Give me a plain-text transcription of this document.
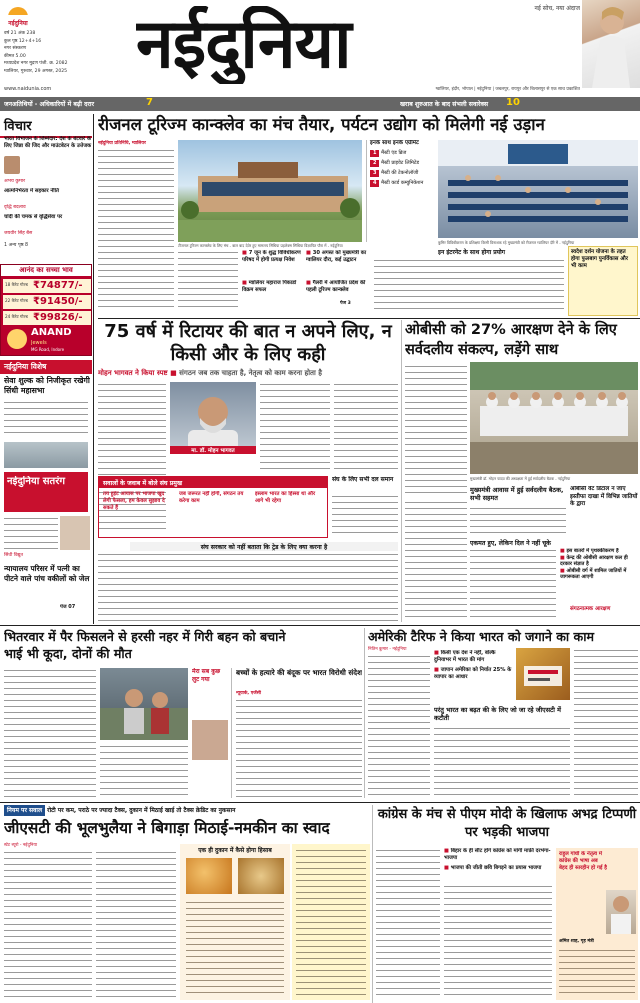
नईदुनिया
वर्ष 21 अंक 238
कुल पृष्ठ 12+4+16
नगर संस्करण
कीमत 5.00
मध्यप्रदेश नगर मुद्रण पंजी. क्र. 2082
ग्वालियर, गुरुवार, 29 अगस्त, 2025	नईदुनिया	नई सोच, नया अंदाज
www.naidunia.com	ग्वालियर, इंदौर, भोपाल | नईदुनिया | जबलपुर, रायपुर और बिलासपुर से एक साथ प्रकाशित
जनअतिथियों - अधिकारियों में बढ़ी दरार	7	खराब शुरुआत के बाद संभली सवारेक्स	10
विचार
भारत विभाजन के जिम्मेदार: देश के बंटवारे के लिए जिन्ना की जिद और माउंटबेटन के उत्तेजक
अभय कुमार
आत्मनिर्भरता में सहकार नीति
वृद्धि बदलाव
चांदी की चमक से वृद्धिसेवा पर
जयवीर सिंह बैस
1 अन्य पृष्ठ 8
आनंद का सच्चा भाव
18 कैरेट गोल्ड ₹74877/-
22 कैरेट गोल्ड ₹91450/-
24 कैरेट गोल्ड ₹99826/-
ANAND
Jewels
MG Road, Indore
नईदुनिया विशेष
सेवा शुल्क को निजीकृत रखेगी सिंधी महासभा
नईदुनिया सतरंग
सिंधी विद्युत
न्यायालय परिसर में पत्नी का पीटने वाले पांच वकीलों को जेल
पेज 07
रीजनल टूरिज्म कान्क्लेव का मंच तैयार, पर्यटन उद्योग को मिलेगी नई उड़ान
नईदुनिया प्रतिनिधि, ग्वालियर
टीजनल टूरिज्म कान्क्लेव के लिए मंच - बाल बाद देवेर हुए मामलय सिंधिया प्रहलेक्स सिंधिया विज्ञापित पौरा में - नईदुनिया
■ 7 जून के शुद्ध विविधीकरण परिषद में होगी प्रत्यक्ष निवेश
■ ग्वालियर महाराज पिकाडो विक्रम सफल
■ 30 अगस्त को मुख्यमंत्री का ग्वालियर दौरा, कई उद्घाटन
■ गैलरी में आयोजित प्रदेश की पहली टूरिज्म कान्क्लेव
पेज 3
इनके साथ इनके एग्रीमेंट
1 मैंस्टी एंड ब्रिज
2 मैस्टी प्राइवेट लिमिटेड
3 मैस्टी की टेकनोलॉजी
4 मैस्टी कार्ड कम्युनिकेशन
कुमिर विविधीकरण के प्रशिक्षण किसी विनाशक रहे मुख्यमंत्री को रीजनल ग्वालियर दौरे में - नईदुनिया
इन इंटरनेट के साथ होगा प्रयोग	स्वदेश दर्शन योजना के तहत होगा फुलबाग पुनर्विकास और भी काम
75 वर्ष में रिटायर की बात न अपने लिए, न किसी और के लिए कही
मोहन भागवत ने किया स्पष्ट ■ संगठन जब तक चाहता है, नेतृत्व को काम करना होता है
मा. डॉ. मोहन भागवत
सवालों के जवाब में बोले संघ प्रमुख
तय हुईट आयास पर भाजपा खुद लेगी फैसला, हम केवल सुझाव दे सकते हैं
जब जरूरत नहीं होगी, संगठन तय करेगा काम
इस्लाम भारत का हिस्सा था और आगे भी रहेगा
संघ के लिए सभी दल समान
संघ सरकार को नहीं बताता कि ट्रेड के लिए क्या करना है
ओबीसी को 27% आरक्षण देने के लिए सर्वदलीय संकल्प, लड़ेंगे साथ
मुख्यमंत्री डॉ. मोहन यादव की अध्यक्षता में हुई सर्वदलीय बैठक - नईदुनिया
मुख्यमंत्री आवास में हुई सर्वदलीय बैठक, सभी सहमत
ओबीसी वेट डिटाल न जाए इस्तीफा दाखा में विभिन्न जातियों के द्वारा
एकमत हुए, लेकिन दिल ने नहीं चूके
■ इस बातरों में पृथक्कीकरण है
■ केन्द्र की ओबीसी आरक्षण कल ही दरकार संज्ञात है
■ ओबीसी वर्ग में शामिल जातियों में जागरूकता आएगी
संगठनात्मक आरक्षण
भितरवार में पैर फिसलने से हरसी नहर में गिरी बहन को बचाने भाई भी कूदा, दोनों की मौत
मेरा सब कुछ लुट गया
बच्चों के हत्यारे की बंदूक पर भारत विरोधी संदेश
न्यूयार्क, एजेंसी
अमेरिकी टैरिफ ने किया भारत को जगाने का काम
नितिन कुमार - नईदुनिया
■ किसी एक देश ने नहीं, बल्कि दुनियाभर में भारत की मांग
■ जापान अमेरिका को निर्यात 25% के व्यापार का आधार
परंतु भारत का बढ़त की के लिए जो जा रहे जीएसटी में कटौती
नियम पर सवाल रोटी पर कम, पराठे पर ज्यादा टैक्स, दुकान में मिठाई खाई तो टैक्स क्रेडिट का नुकसान
जीएसटी की भूलभुलैया ने बिगाड़ा मिठाई-नमकीन का स्वाद
स्टेट ब्यूरो - नईदुनिया
एक ही दुकान में कैसे होगा हिसाब
कांग्रेस के मंच से पीएम मोदी के खिलाफ अभद्र टिप्पणी पर भड़की भाजपा
■ बिहार के ही सीट होंगे कांग्रेस को मांगी माफ़ी दरभंगा-भाजपा
■ भाजपा की जीती छवि बिगड़ने का प्रयास भाजपा
राहुल गांधी के नेतृत्व में कांग्रेस की भाषा अब बेहद ही स्तरहीन हो गई है
अमित शाह, गृह मंत्री
